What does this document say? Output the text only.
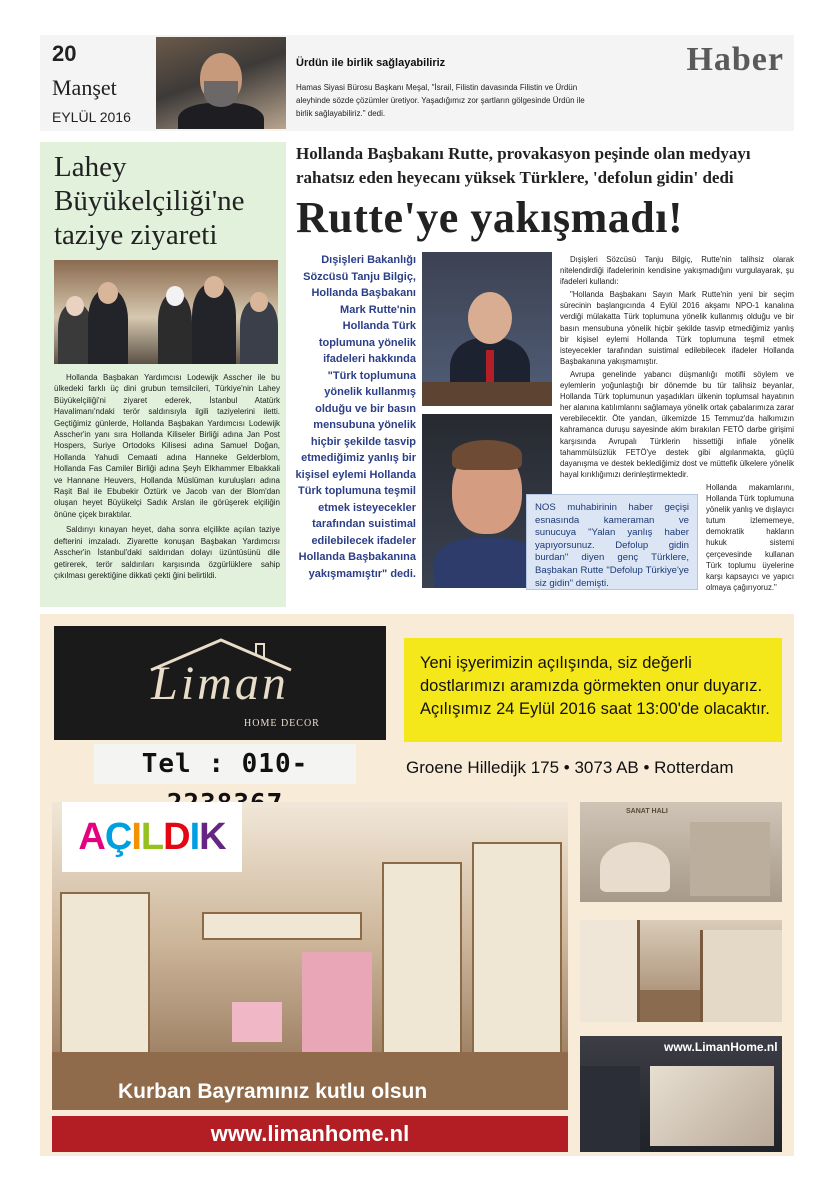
20
Manşet
EYLÜL 2016
Ürdün ile birlik sağlayabiliriz
Hamas Siyasi Bürosu Başkanı Meşal, "İsrail, Filistin davasında Filistin ve Ürdün aleyhinde sözde çözümler üretiyor. Yaşadığımız zor şartların gölgesinde Ürdün ile birlik sağlayabiliriz." dedi.
Haber
Lahey Büyükelçiliği'ne taziye ziyareti

Hollanda Başbakan Yardımcısı Lodewijk Asscher ile bu ülkedeki farklı üç dini grubun temsilcileri, Türkiye'nin Lahey Büyükelçiliği'ni ziyaret ederek, İstanbul Atatürk Havalimanı'ndaki terör saldırısıyla ilgili taziyelerini iletti. Geçtiğimiz günlerde, Hollanda Başbakan Yardımcısı Lodewijk Asscher'in yanı sıra Hollanda Kiliseler Birliği adına Jan Post Hospers, Suriye Ortodoks Kilisesi adına Samuel Doğan, Hollanda Yahudi Cemaati adına Hanneke Gelderblom, Hollanda Fas Camiler Birliği adına Şeyh Elkhammer Elbakkali ve Hannane Heuvers, Hollanda Müslüman kuruluşları adına Raşit Bal ile Ebubekir Öztürk ve Jacob van der Blom'dan oluşan heyet Büyükelçi Sadık Arslan ile görüşerek elçiliğin önüne çiçek bıraktılar.

Saldırıyı kınayan heyet, daha sonra elçilikte açılan taziye defterini imzaladı. Ziyarette konuşan Başbakan Yardımcısı Asscher'in İstanbul'daki saldırıdan dolayı üzüntüsünü dile getirerek, terör saldırıları karşısında özgürlüklere sahip çıkılması gerektiğine dikkati çekti ğini belirtildi.

Hollanda Başbakanı Rutte, provakasyon peşinde olan medyayı rahatsız eden heyecanı yüksek Türklere, 'defolun gidin' dedi
Rutte'ye yakışmadı!
Dışişleri Bakanlığı Sözcüsü Tanju Bilgiç, Hollanda Başbakanı Mark Rutte'nin Hollanda Türk toplumuna yönelik ifadeleri hakkında "Türk toplumuna yönelik kullanmış olduğu ve bir basın mensubuna yönelik hiçbir şekilde tasvip etmediğimiz yanlış bir kişisel eylemi Hollanda Türk toplumuna teşmil etmek isteyecekler tarafından suistimal edilebilecek ifadeler Hollanda Başbakanına yakışmamıştır" dedi.
NOS muhabirinin haber geçişi esnasında kameraman ve sunucuya "Yalan yanlış haber yapıyorsunuz. Defolup gidin burdan" diyen genç Türklere, Başbakan Rutte "Defolup Türkiye'ye siz gidin" demişti.

Dışişleri Sözcüsü Tanju Bilgiç, Rutte'nin talihsiz olarak nitelendirdiği ifadelerinin kendisine yakışmadığını vurgulayarak, şu ifadeleri kullandı:

"Hollanda Başbakanı Sayın Mark Rutte'nin yeni bir seçim sürecinin başlangıcında 4 Eylül 2016 akşamı NPO-1 kanalına verdiği mülakatta Türk toplumuna yönelik kullanmış olduğu ve bir basın mensubuna yönelik hiçbir şekilde tasvip etmediğimiz yanlış bir kişisel eylemi Hollanda Türk toplumuna teşmil etmek isteyecekler tarafından suistimal edilebilecek ifadeler Hollanda Başbakanına yakışmamıştır.

Avrupa genelinde yabancı düşmanlığı motifli söylem ve eylemlerin yoğunlaştığı bir dönemde bu tür talihsiz beyanlar, Hollanda Türk toplumunun yaşadıkları ülkenin toplumsal hayatının her alanına katılımlarını sağlamaya yönelik ortak çabalarımıza zarar verebilecektir. Öte yandan, ülkemizde 15 Temmuz'da halkımızın kahramanca duruşu sayesinde akim bırakılan FETÖ darbe girişimi karşısında Avrupalı Türklerin hissettiği infiale yönelik tahammülsüzlük FETÖ'ye destek gibi algılanmakta, güçlü dayanışma ve destek beklediğimiz dost ve müttefik ülkelere yönelik hayal kırıklığımızı derinleştirmektedir.

Hollanda makamlarını, Hollanda Türk toplumuna yönelik yanlış ve dışlayıcı tutum izlememeye, demokratik hakların hukuk sistemi çerçevesinde kullanan Türk toplumu üyelerine karşı kapsayıcı ve yapıcı olmaya çağırıyoruz."
Liman
HOME DECOR
Tel : 010-
Yeni işyerimizin açılışında, siz değerli
dostlarımızı aramızda görmekten onur duyarız.
Açılışımız 24 Eylül 2016 saat 13:00'de olacaktır.
Groene Hilledijk 175 • 3073 AB • Rotterdam
AÇILDIK
Kurban Bayramınız kutlu olsun
www.limanhome.nl
SANAT HALI
www.LimanHome.nl
